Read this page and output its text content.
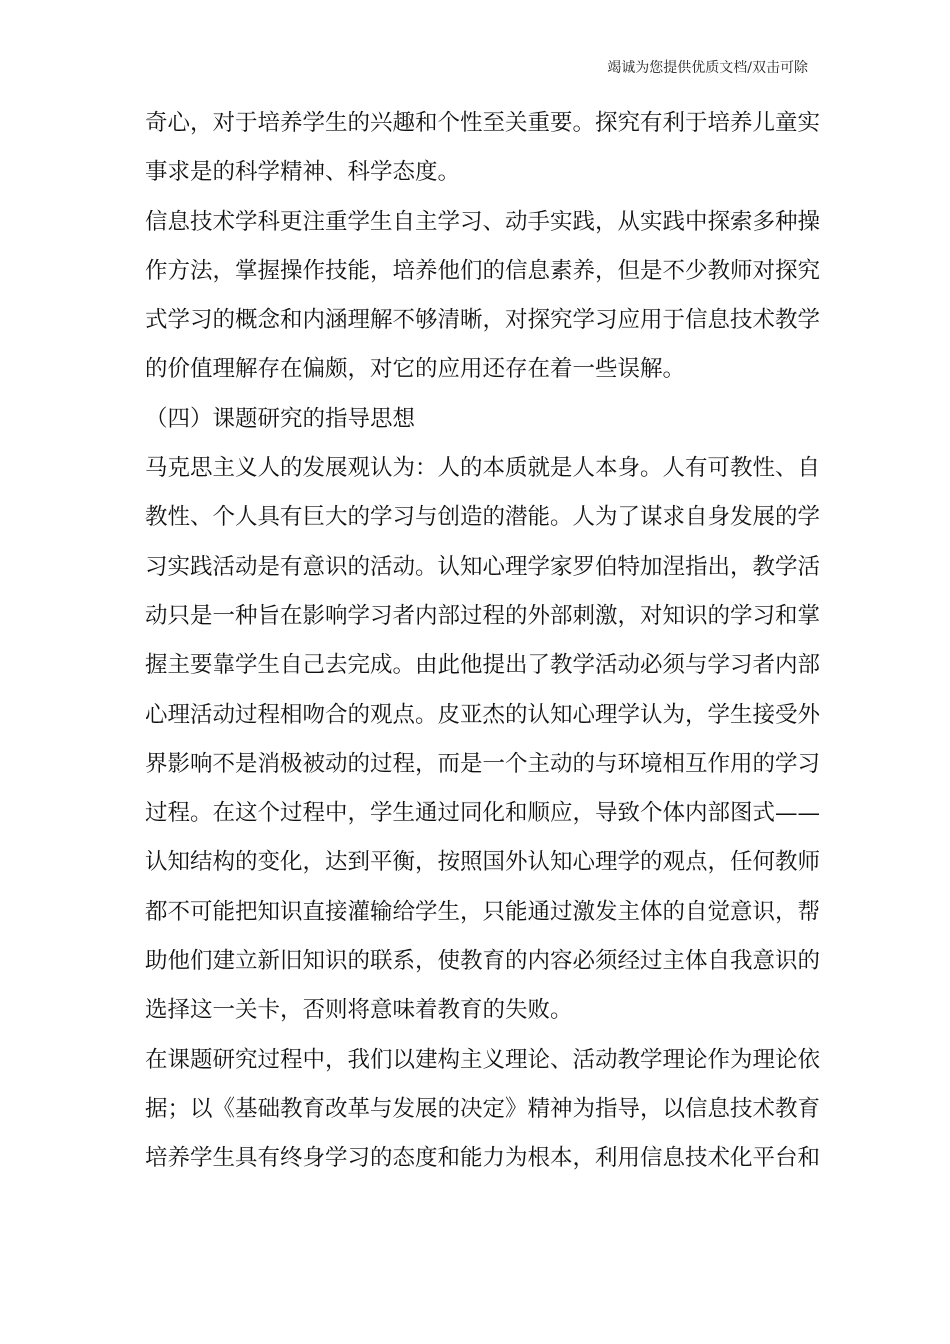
竭诚为您提供优质文档/双击可除
奇心，对于培养学生的兴趣和个性至关重要。探究有利于培养儿童实
事求是的科学精神、科学态度。
信息技术学科更注重学生自主学习、动手实践，从实践中探索多种操
作方法，掌握操作技能，培养他们的信息素养，但是不少教师对探究
式学习的概念和内涵理解不够清晰，对探究学习应用于信息技术教学
的价值理解存在偏颇，对它的应用还存在着一些误解。
（四）课题研究的指导思想
马克思主义人的发展观认为：人的本质就是人本身。人有可教性、自
教性、个人具有巨大的学习与创造的潜能。人为了谋求自身发展的学
习实践活动是有意识的活动。认知心理学家罗伯特加涅指出，教学活
动只是一种旨在影响学习者内部过程的外部刺激，对知识的学习和掌
握主要靠学生自己去完成。由此他提出了教学活动必须与学习者内部
心理活动过程相吻合的观点。皮亚杰的认知心理学认为，学生接受外
界影响不是消极被动的过程，而是一个主动的与环境相互作用的学习
过程。在这个过程中，学生通过同化和顺应，导致个体内部图式——
认知结构的变化，达到平衡，按照国外认知心理学的观点，任何教师
都不可能把知识直接灌输给学生，只能通过激发主体的自觉意识，帮
助他们建立新旧知识的联系，使教育的内容必须经过主体自我意识的
选择这一关卡，否则将意味着教育的失败。
在课题研究过程中，我们以建构主义理论、活动教学理论作为理论依
据；以《基础教育改革与发展的决定》精神为指导，以信息技术教育
培养学生具有终身学习的态度和能力为根本，利用信息技术化平台和
